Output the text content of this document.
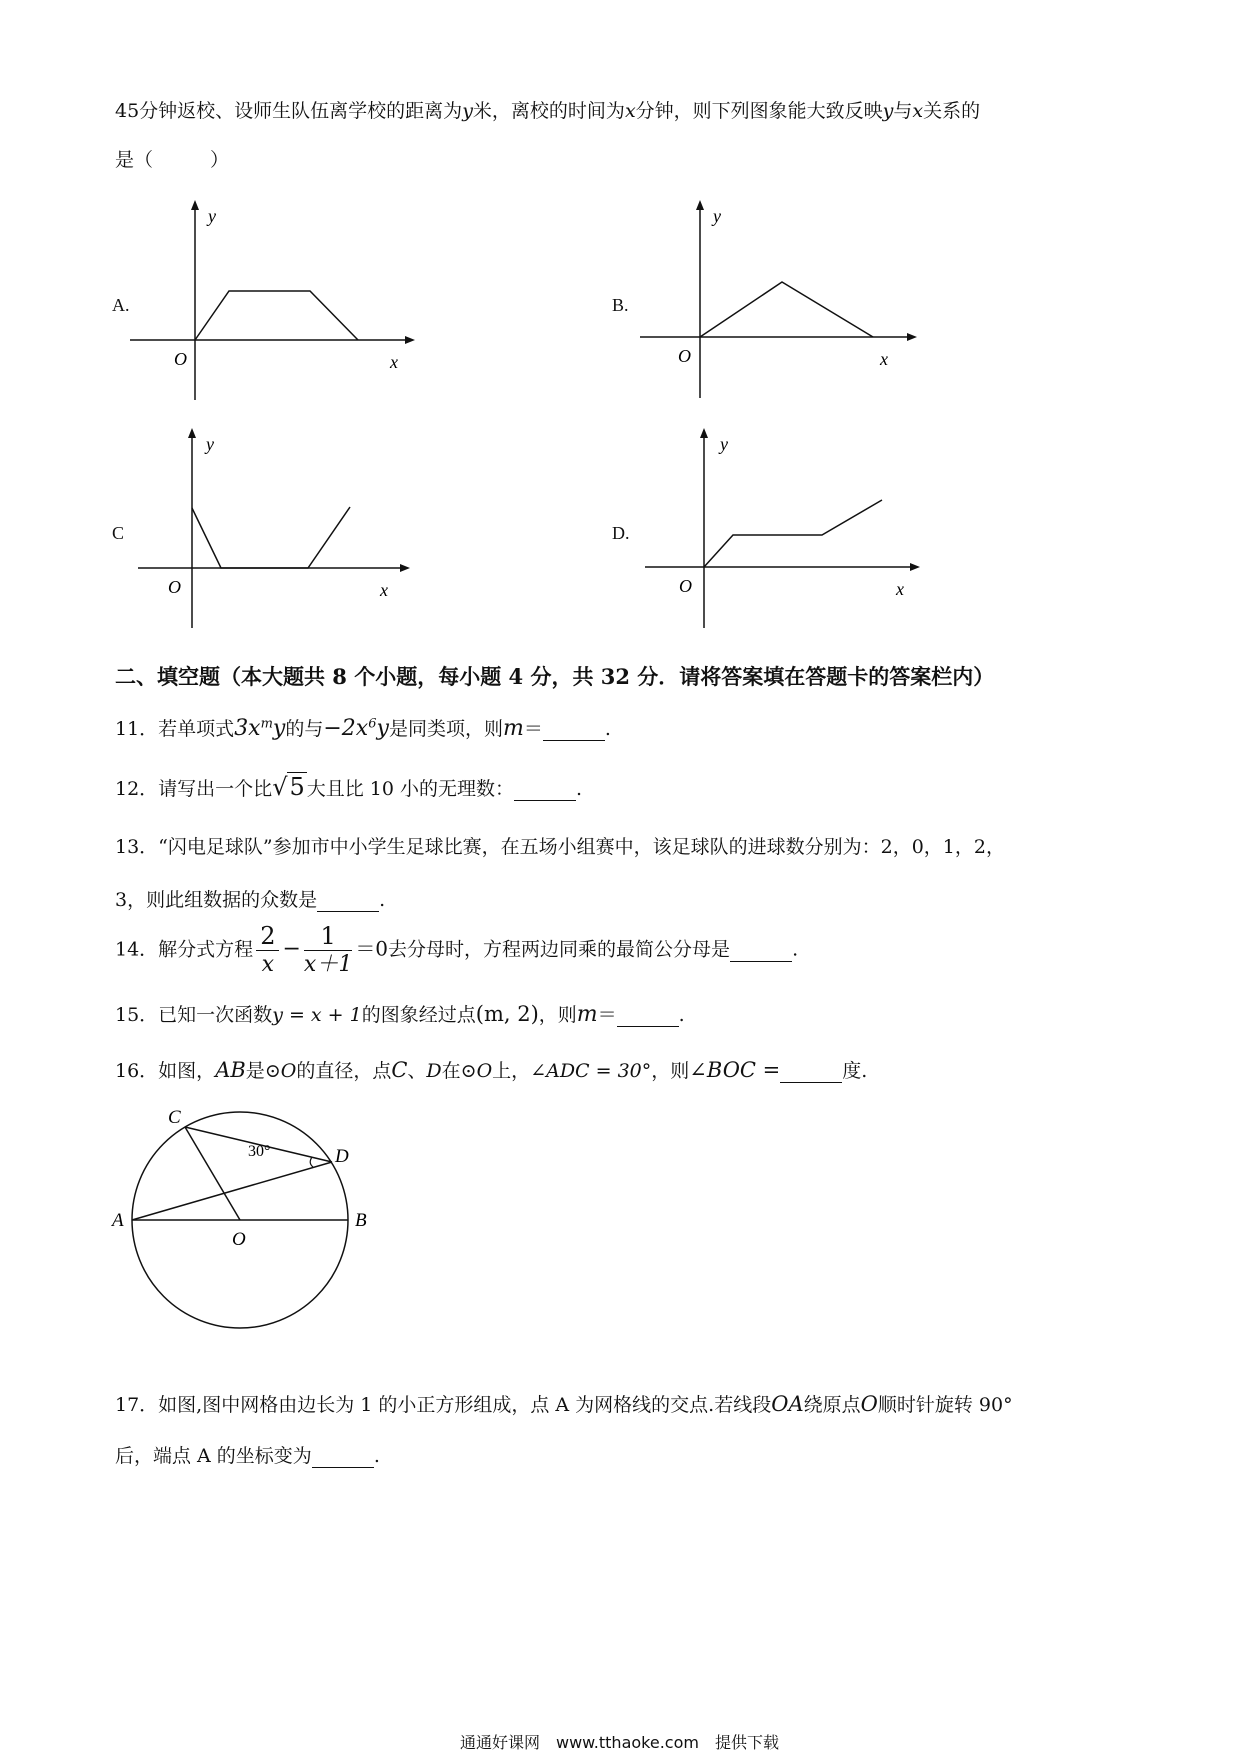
45分钟返校、设师生队伍离学校的距离为y米，离校的时间为x分钟，则下列图象能大致反映y与x关系的
是（　　　）
A.
O	x
y
B.
O	x
y
C
O	x
y
D.
O	x
y
二、填空题（本大题共 8 个小题，每小题 4 分，共 32 分．请将答案填在答题卡的答案栏内）
11．若单项式$3x^my$的与$-2x^6y$是同类项，则m＝	.
12．请写出一个比√5 大且比 10 小的无理数：	.
13．“闪电足球队”参加市中小学生足球比赛，在五场小组赛中，该足球队的进球数分别为：2，0，1，2，
3，则此组数据的众数是	.
14．解分式方程 $\frac{2}{x} - \frac{1}{x+1} =0$去分母时，方程两边同乘的最简公分母是	.
15．已知一次函数y = x + 1的图象经过点(m, 2)，则m＝	.
16．如图，AB是⊙O的直径，点C、D在⊙O上，∠ADC = 30°，则∠BOC =	度.
C
D
A	B
O
30°
17．如图,图中网格由边长为 1 的小正方形组成，点 A 为网格线的交点.若线段OA绕原点O顺时针旋转 90°
后，端点 A 的坐标变为	.
通通好课网　www.tthaoke.com　提供下载
